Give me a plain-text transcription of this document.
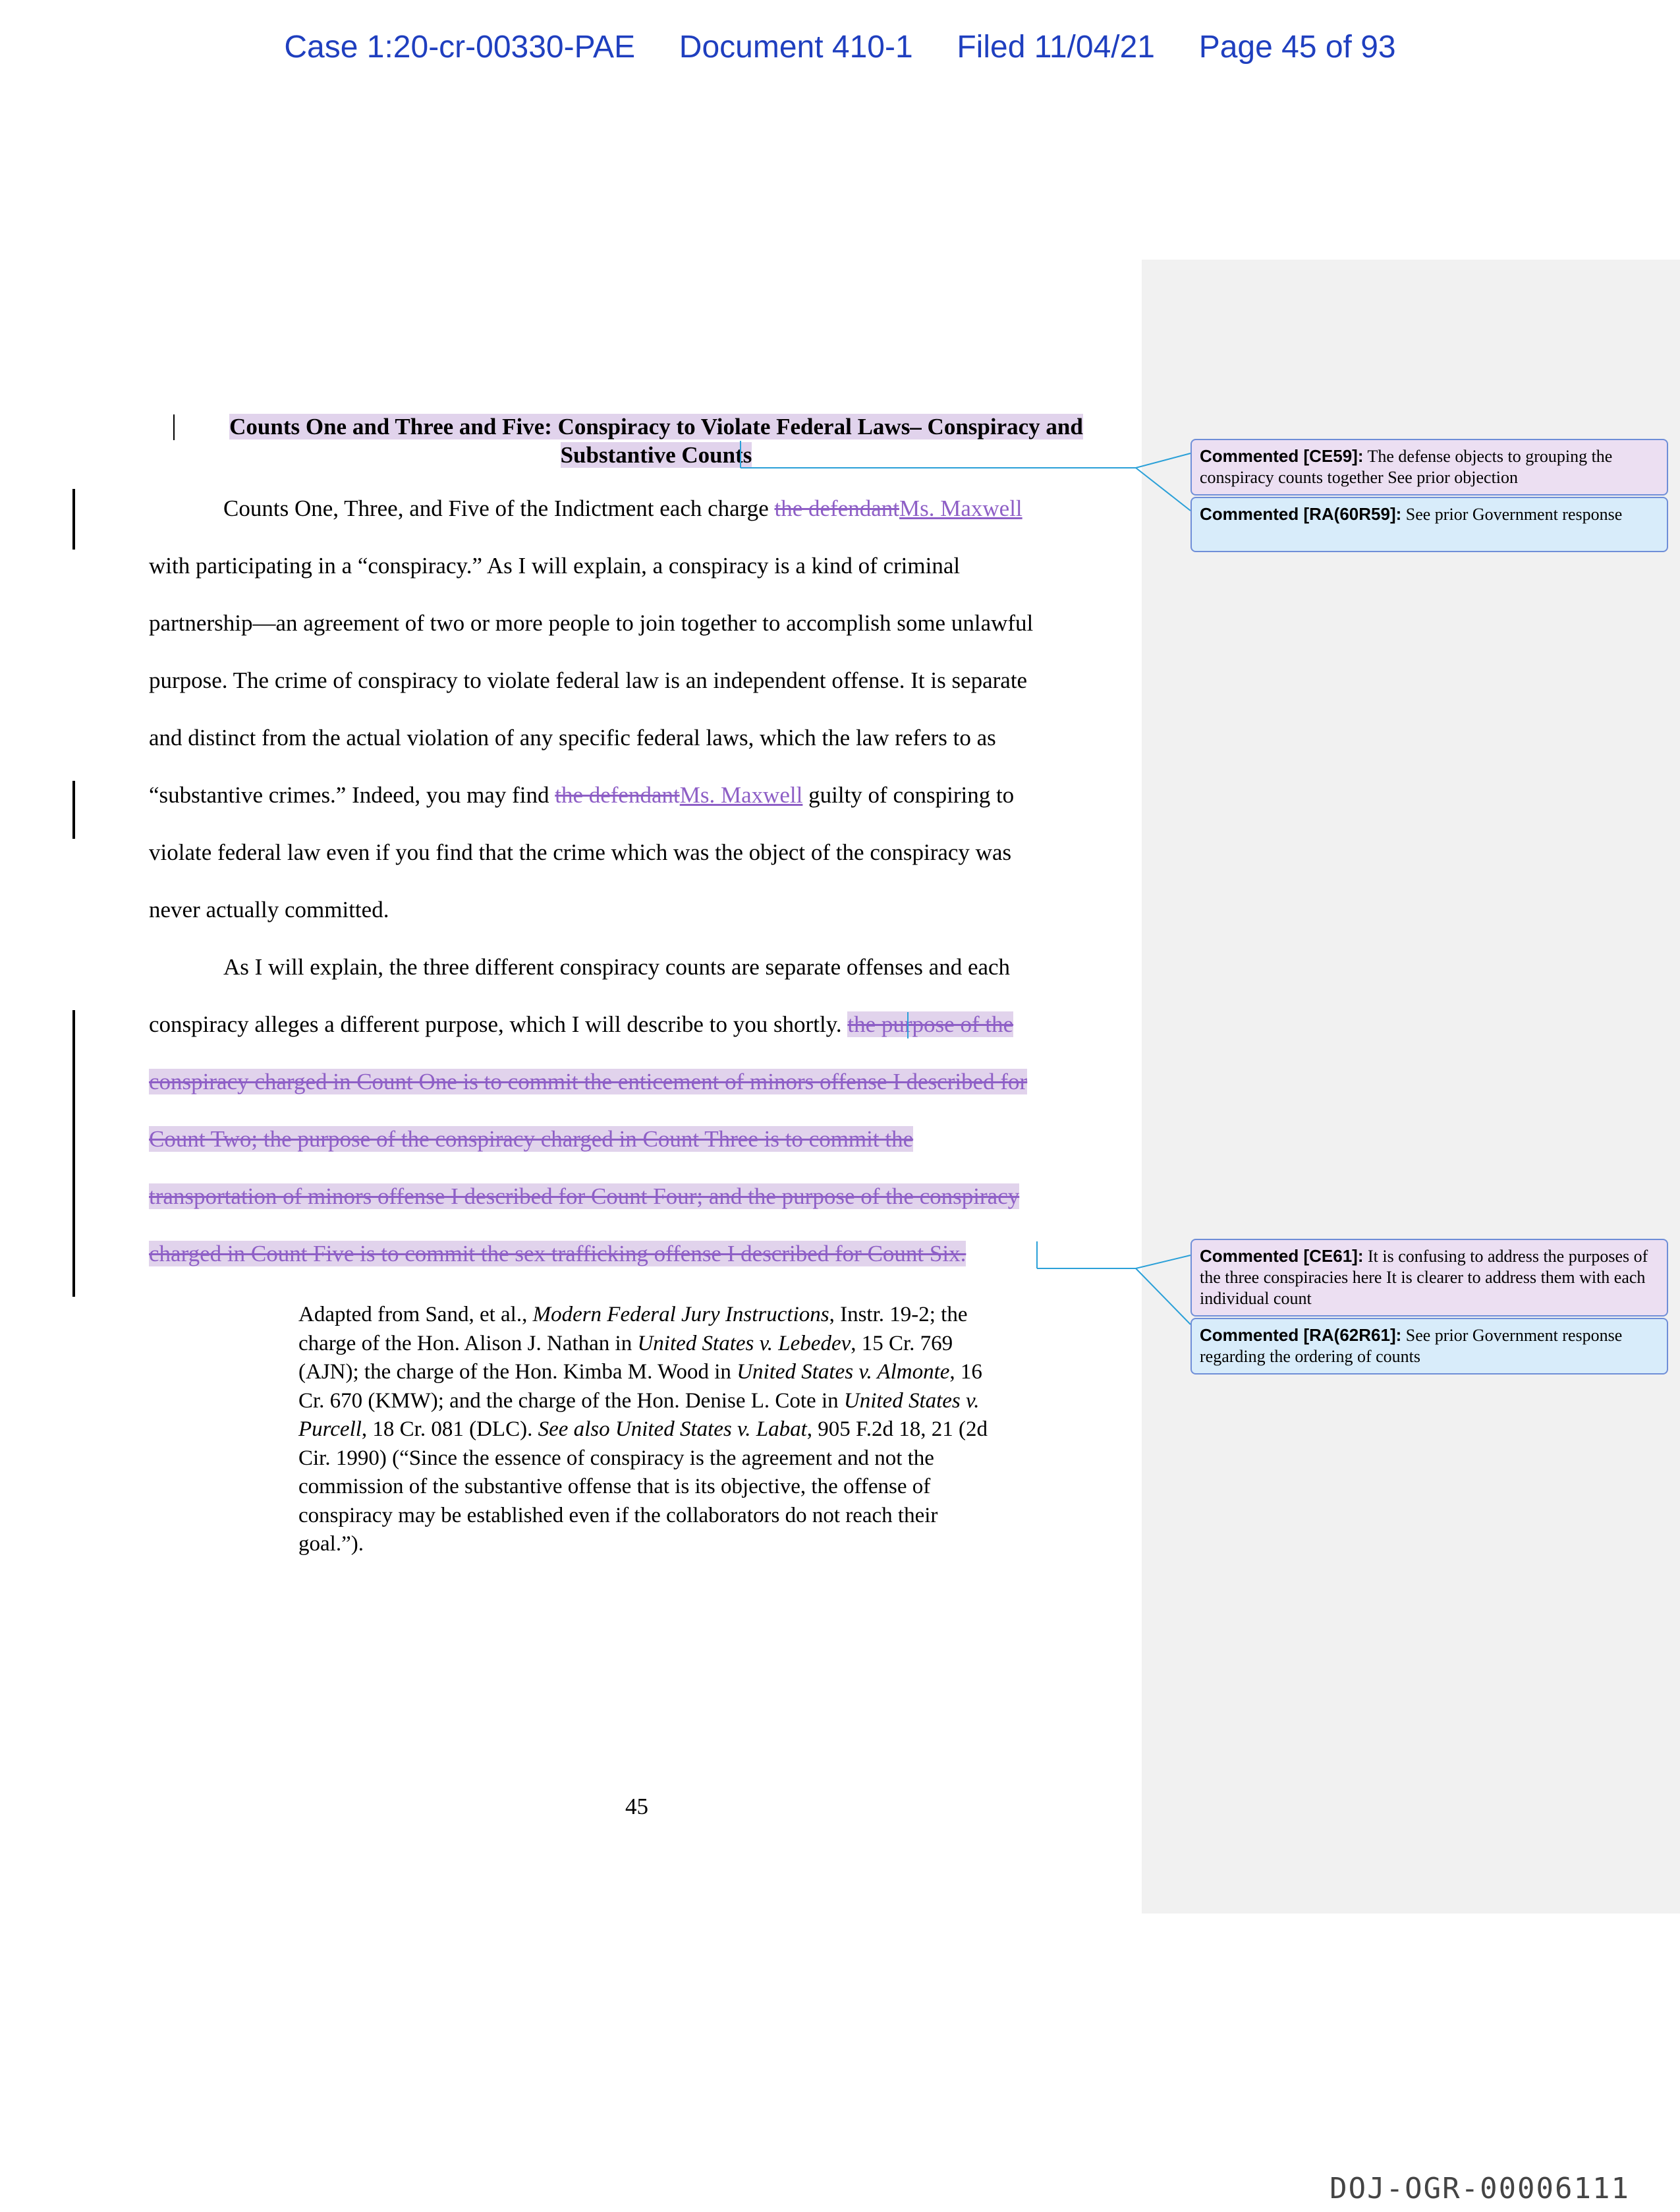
Case 1:20-cr-00330-PAE Document 410-1 Filed 11/04/21 Page 45 of 93
Counts One and Three and Five: Conspiracy to Violate Federal Laws– Conspiracy and
Substantive Counts
Counts One, Three, and Five of the Indictment each charge the defendantMs. Maxwell
with participating in a “conspiracy.” As I will explain, a conspiracy is a kind of criminal
partnership—an agreement of two or more people to join together to accomplish some unlawful
purpose. The crime of conspiracy to violate federal law is an independent offense. It is separate
and distinct from the actual violation of any specific federal laws, which the law refers to as
“substantive crimes.” Indeed, you may find the defendantMs. Maxwell guilty of conspiring to
violate federal law even if you find that the crime which was the object of the conspiracy was
never actually committed.
As I will explain, the three different conspiracy counts are separate offenses and each
conspiracy alleges a different purpose, which I will describe to you shortly. the purpose of the
conspiracy charged in Count One is to commit the enticement of minors offense I described for
Count Two; the purpose of the conspiracy charged in Count Three is to commit the
transportation of minors offense I described for Count Four; and the purpose of the conspiracy
charged in Count Five is to commit the sex trafficking offense I described for Count Six.
Adapted from Sand, et al., Modern Federal Jury Instructions, Instr. 19-2; the charge of the Hon. Alison J. Nathan in United States v. Lebedev, 15 Cr. 769 (AJN); the charge of the Hon. Kimba M. Wood in United States v. Almonte, 16 Cr. 670 (KMW); and the charge of the Hon. Denise L. Cote in United States v. Purcell, 18 Cr. 081 (DLC). See also United States v. Labat, 905 F.2d 18, 21 (2d Cir. 1990) (“Since the essence of conspiracy is the agreement and not the commission of the substantive offense that is its objective, the offense of conspiracy may be established even if the collaborators do not reach their goal.”).
45
Commented [CE59]: The defense objects to grouping the conspiracy counts together See prior objection
Commented [RA(60R59]: See prior Government response
Commented [CE61]: It is confusing to address the purposes of the three conspiracies here It is clearer to address them with each individual count
Commented [RA(62R61]: See prior Government response regarding the ordering of counts
DOJ-OGR-00006111
